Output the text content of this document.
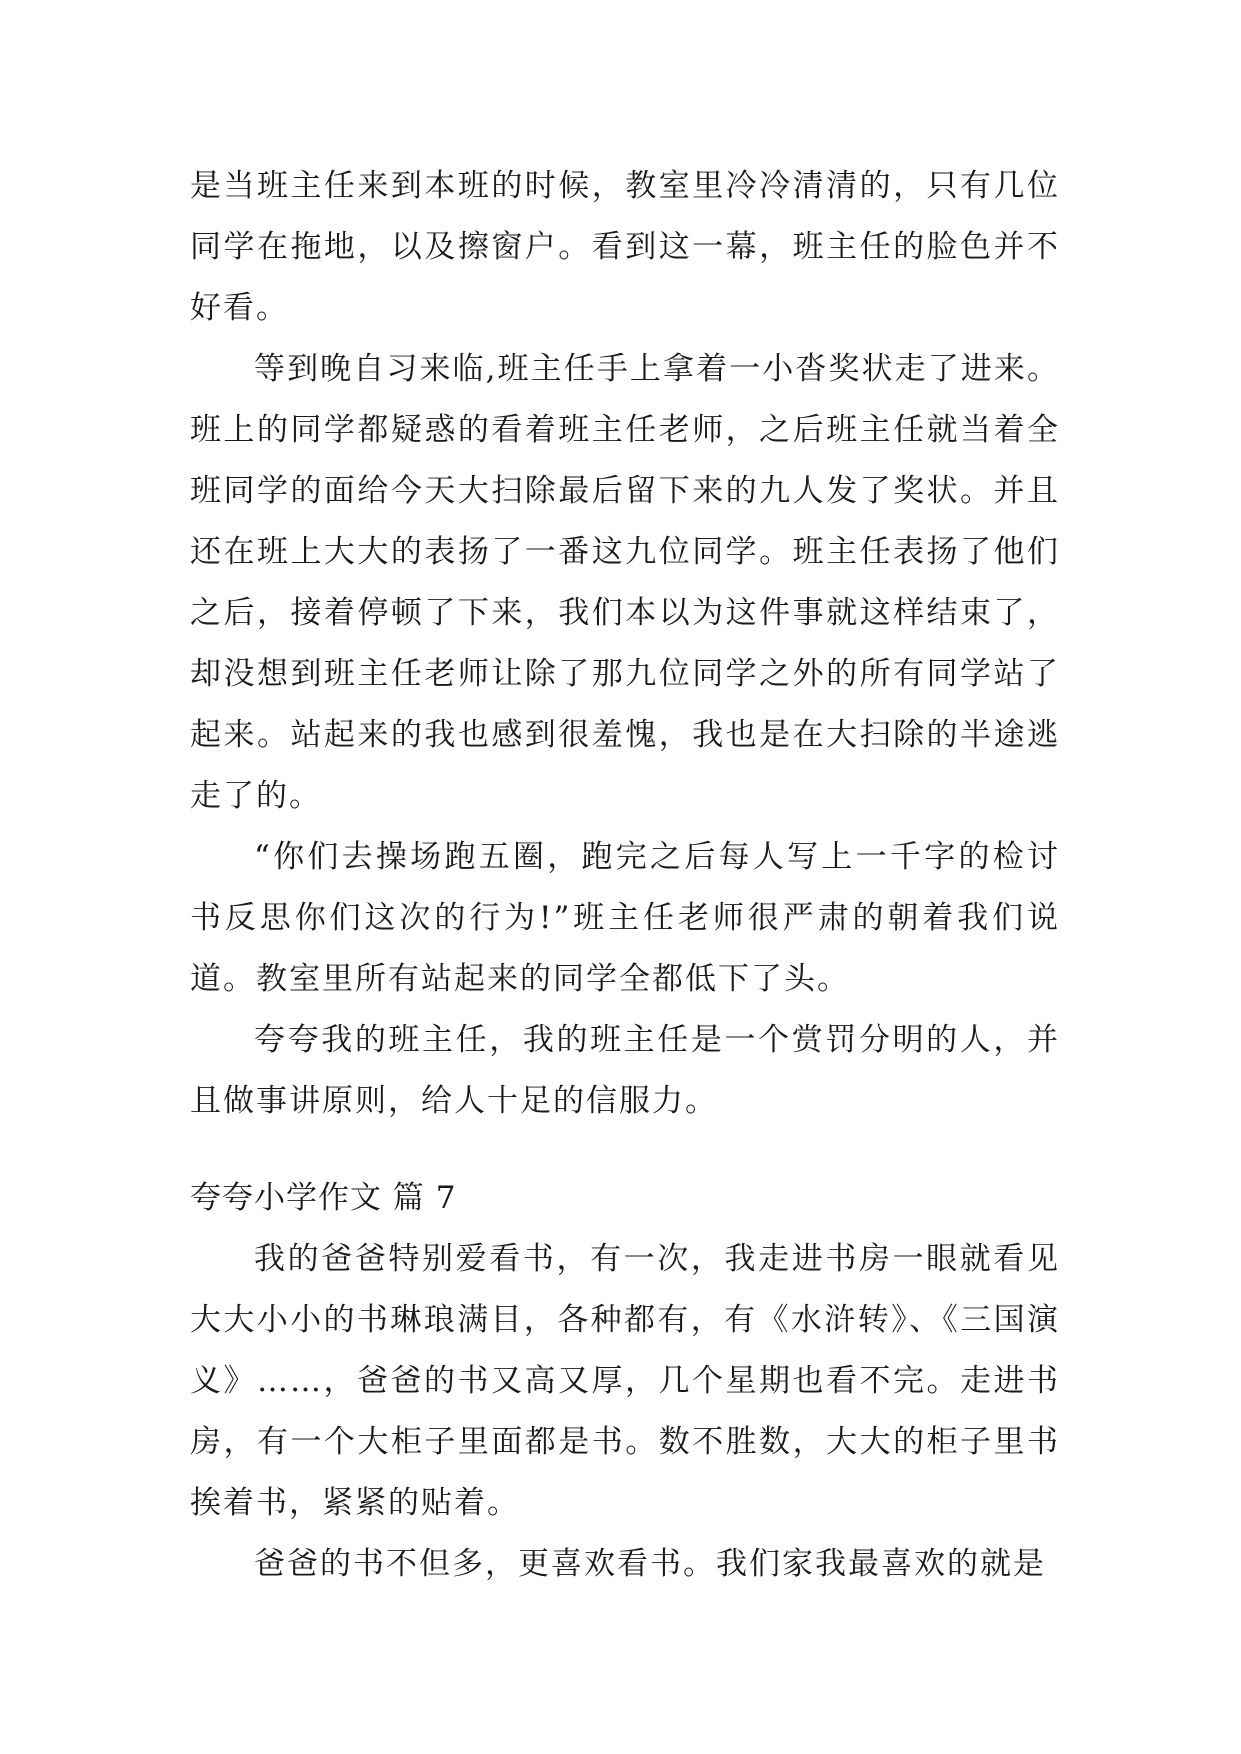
是当班主任来到本班的时候，教室里冷冷清清的，只有几位同学在拖地，以及擦窗户。看到这一幕，班主任的脸色并不好看。

等到晚自习来临,班主任手上拿着一小沓奖状走了进来。班上的同学都疑惑的看着班主任老师，之后班主任就当着全班同学的面给今天大扫除最后留下来的九人发了奖状。并且还在班上大大的表扬了一番这九位同学。班主任表扬了他们之后，接着停顿了下来，我们本以为这件事就这样结束了，却没想到班主任老师让除了那九位同学之外的所有同学站了起来。站起来的我也感到很羞愧，我也是在大扫除的半途逃走了的。

“你们去操场跑五圈，跑完之后每人写上一千字的检讨书反思你们这次的行为!”班主任老师很严肃的朝着我们说道。教室里所有站起来的同学全都低下了头。

夸夸我的班主任，我的班主任是一个赏罚分明的人，并且做事讲原则，给人十足的信服力。

夸夸小学作文 篇 7

我的爸爸特别爱看书，有一次，我走进书房一眼就看见大大小小的书琳琅满目，各种都有，有《水浒转》、《三国演义》……，爸爸的书又高又厚，几个星期也看不完。走进书房，有一个大柜子里面都是书。数不胜数，大大的柜子里书挨着书，紧紧的贴着。

爸爸的书不但多，更喜欢看书。我们家我最喜欢的就是
